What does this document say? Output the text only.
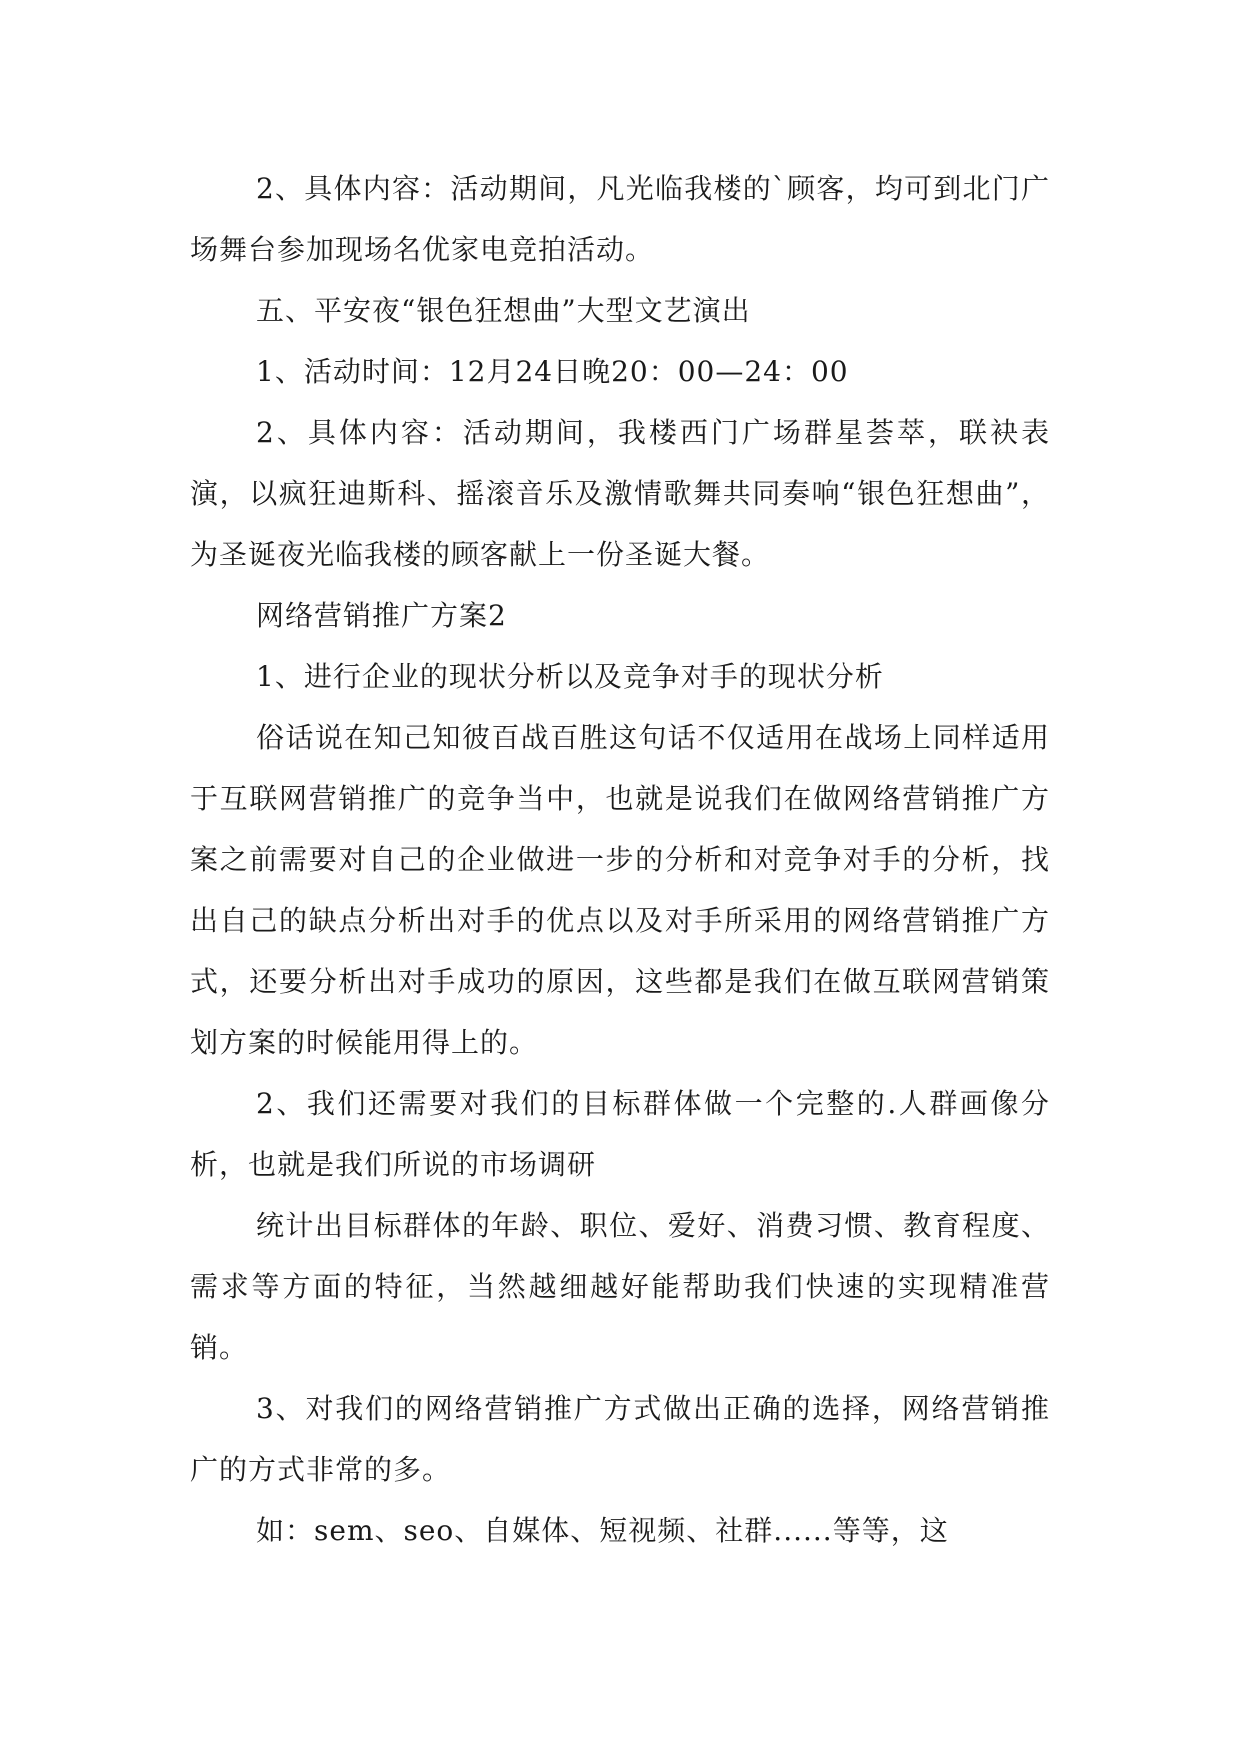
2、具体内容：活动期间，凡光临我楼的`顾客，均可到北门广场舞台参加现场名优家电竞拍活动。

五、平安夜“银色狂想曲”大型文艺演出

1、活动时间：12月24日晚20：00—24：00

2、具体内容：活动期间，我楼西门广场群星荟萃，联袂表演，以疯狂迪斯科、摇滚音乐及激情歌舞共同奏响“银色狂想曲”，为圣诞夜光临我楼的顾客献上一份圣诞大餐。

网络营销推广方案2

1、进行企业的现状分析以及竞争对手的现状分析

俗话说在知己知彼百战百胜这句话不仅适用在战场上同样适用于互联网营销推广的竞争当中，也就是说我们在做网络营销推广方案之前需要对自己的企业做进一步的分析和对竞争对手的分析，找出自己的缺点分析出对手的优点以及对手所采用的网络营销推广方式，还要分析出对手成功的原因，这些都是我们在做互联网营销策划方案的时候能用得上的。

2、我们还需要对我们的目标群体做一个完整的.人群画像分析，也就是我们所说的市场调研

统计出目标群体的年龄、职位、爱好、消费习惯、教育程度、需求等方面的特征，当然越细越好能帮助我们快速的实现精准营销。

3、对我们的网络营销推广方式做出正确的选择，网络营销推广的方式非常的多。

如：sem、seo、自媒体、短视频、社群......等等，这
